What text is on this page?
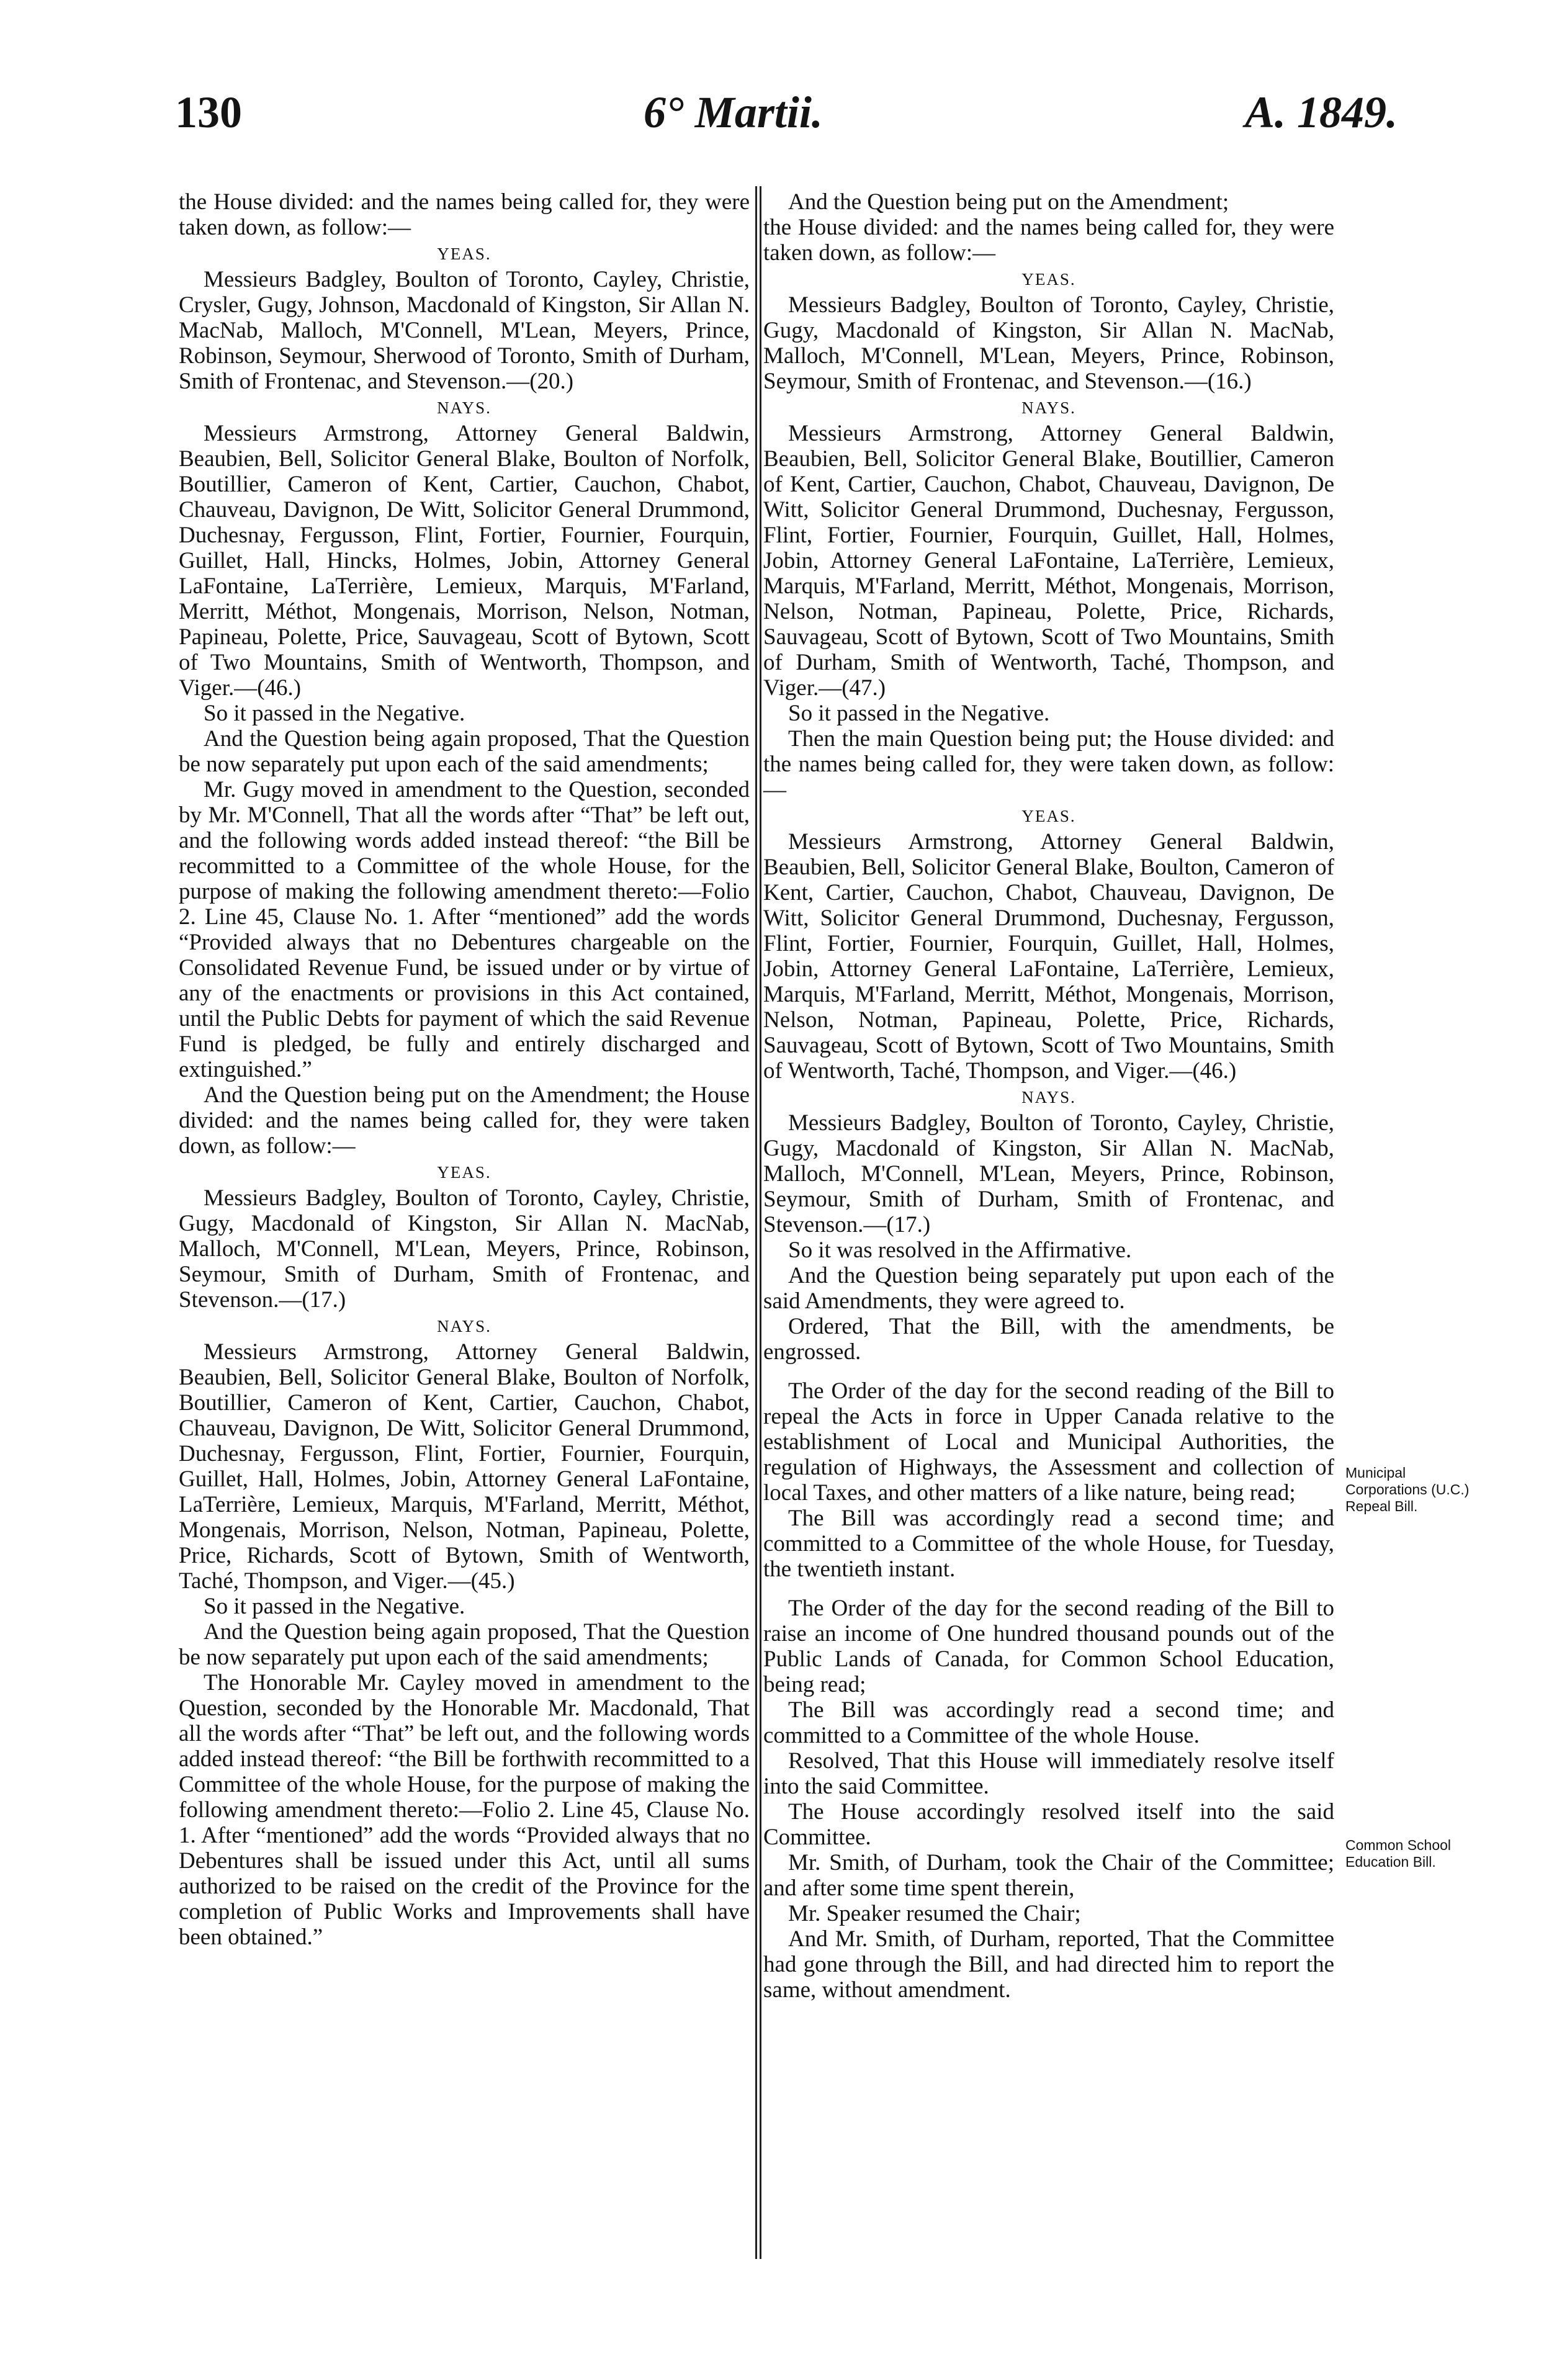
130	6° Martii.	A. 1849.

the House divided: and the names being called for, they were taken down, as follow:—

YEAS.

Messieurs Badgley, Boulton of Toronto, Cayley, Christie, Crysler, Gugy, Johnson, Macdonald of Kingston, Sir Allan N. MacNab, Malloch, M'Connell, M'Lean, Meyers, Prince, Robinson, Seymour, Sherwood of Toronto, Smith of Durham, Smith of Frontenac, and Stevenson.—(20.)

NAYS.

Messieurs Armstrong, Attorney General Baldwin, Beaubien, Bell, Solicitor General Blake, Boulton of Norfolk, Boutillier, Cameron of Kent, Cartier, Cauchon, Chabot, Chauveau, Davignon, De Witt, Solicitor General Drummond, Duchesnay, Fergusson, Flint, Fortier, Fournier, Fourquin, Guillet, Hall, Hincks, Holmes, Jobin, Attorney General LaFontaine, LaTerrière, Lemieux, Marquis, M'Farland, Merritt, Méthot, Mongenais, Morrison, Nelson, Notman, Papineau, Polette, Price, Sauvageau, Scott of Bytown, Scott of Two Mountains, Smith of Wentworth, Thompson, and Viger.—(46.)

So it passed in the Negative.

And the Question being again proposed, That the Question be now separately put upon each of the said amendments;

Mr. Gugy moved in amendment to the Question, seconded by Mr. M'Connell, That all the words after “That” be left out, and the following words added instead thereof: “the Bill be recommitted to a Committee of the whole House, for the purpose of making the following amendment thereto:—Folio 2. Line 45, Clause No. 1. After “mentioned” add the words “Provided always that no Debentures chargeable on the Consolidated Revenue Fund, be issued under or by virtue of any of the enactments or provisions in this Act contained, until the Public Debts for payment of which the said Revenue Fund is pledged, be fully and entirely discharged and extinguished.”

And the Question being put on the Amendment; the House divided: and the names being called for, they were taken down, as follow:—

YEAS.

Messieurs Badgley, Boulton of Toronto, Cayley, Christie, Gugy, Macdonald of Kingston, Sir Allan N. MacNab, Malloch, M'Connell, M'Lean, Meyers, Prince, Robinson, Seymour, Smith of Durham, Smith of Frontenac, and Stevenson.—(17.)

NAYS.

Messieurs Armstrong, Attorney General Baldwin, Beaubien, Bell, Solicitor General Blake, Boulton of Norfolk, Boutillier, Cameron of Kent, Cartier, Cauchon, Chabot, Chauveau, Davignon, De Witt, Solicitor General Drummond, Duchesnay, Fergusson, Flint, Fortier, Fournier, Fourquin, Guillet, Hall, Holmes, Jobin, Attorney General LaFontaine, LaTerrière, Lemieux, Marquis, M'Farland, Merritt, Méthot, Mongenais, Morrison, Nelson, Notman, Papineau, Polette, Price, Richards, Scott of Bytown, Smith of Wentworth, Taché, Thompson, and Viger.—(45.)

So it passed in the Negative.

And the Question being again proposed, That the Question be now separately put upon each of the said amendments;

The Honorable Mr. Cayley moved in amendment to the Question, seconded by the Honorable Mr. Macdonald, That all the words after “That” be left out, and the following words added instead thereof: “the Bill be forthwith recommitted to a Committee of the whole House, for the purpose of making the following amendment thereto:—Folio 2. Line 45, Clause No. 1. After “mentioned” add the words “Provided always that no Debentures shall be issued under this Act, until all sums authorized to be raised on the credit of the Province for the completion of Public Works and Improvements shall have been obtained.”

And the Question being put on the Amendment;

the House divided: and the names being called for, they were taken down, as follow:—

YEAS.

Messieurs Badgley, Boulton of Toronto, Cayley, Christie, Gugy, Macdonald of Kingston, Sir Allan N. MacNab, Malloch, M'Connell, M'Lean, Meyers, Prince, Robinson, Seymour, Smith of Frontenac, and Stevenson.—(16.)

NAYS.

Messieurs Armstrong, Attorney General Baldwin, Beaubien, Bell, Solicitor General Blake, Boutillier, Cameron of Kent, Cartier, Cauchon, Chabot, Chauveau, Davignon, De Witt, Solicitor General Drummond, Duchesnay, Fergusson, Flint, Fortier, Fournier, Fourquin, Guillet, Hall, Holmes, Jobin, Attorney General LaFontaine, LaTerrière, Lemieux, Marquis, M'Farland, Merritt, Méthot, Mongenais, Morrison, Nelson, Notman, Papineau, Polette, Price, Richards, Sauvageau, Scott of Bytown, Scott of Two Mountains, Smith of Durham, Smith of Wentworth, Taché, Thompson, and Viger.—(47.)

So it passed in the Negative.

Then the main Question being put; the House divided: and the names being called for, they were taken down, as follow:—

YEAS.

Messieurs Armstrong, Attorney General Baldwin, Beaubien, Bell, Solicitor General Blake, Boulton, Cameron of Kent, Cartier, Cauchon, Chabot, Chauveau, Davignon, De Witt, Solicitor General Drummond, Duchesnay, Fergusson, Flint, Fortier, Fournier, Fourquin, Guillet, Hall, Holmes, Jobin, Attorney General LaFontaine, LaTerrière, Lemieux, Marquis, M'Farland, Merritt, Méthot, Mongenais, Morrison, Nelson, Notman, Papineau, Polette, Price, Richards, Sauvageau, Scott of Bytown, Scott of Two Mountains, Smith of Wentworth, Taché, Thompson, and Viger.—(46.)

NAYS.

Messieurs Badgley, Boulton of Toronto, Cayley, Christie, Gugy, Macdonald of Kingston, Sir Allan N. MacNab, Malloch, M'Connell, M'Lean, Meyers, Prince, Robinson, Seymour, Smith of Durham, Smith of Frontenac, and Stevenson.—(17.)

So it was resolved in the Affirmative.

And the Question being separately put upon each of the said Amendments, they were agreed to.

Ordered, That the Bill, with the amendments, be engrossed.

The Order of the day for the second reading of the Bill to repeal the Acts in force in Upper Canada relative to the establishment of Local and Municipal Authorities, the regulation of Highways, the Assessment and collection of local Taxes, and other matters of a like nature, being read;

The Bill was accordingly read a second time; and committed to a Committee of the whole House, for Tuesday, the twentieth instant.

The Order of the day for the second reading of the Bill to raise an income of One hundred thousand pounds out of the Public Lands of Canada, for Common School Education, being read;

The Bill was accordingly read a second time; and committed to a Committee of the whole House.

Resolved, That this House will immediately resolve itself into the said Committee.

The House accordingly resolved itself into the said Committee.

Mr. Smith, of Durham, took the Chair of the Committee; and after some time spent therein,

Mr. Speaker resumed the Chair;

And Mr. Smith, of Durham, reported, That the Committee had gone through the Bill, and had directed him to report the same, without amendment.

Municipal Corporations (U.C.) Repeal Bill.
Common School Education Bill.
